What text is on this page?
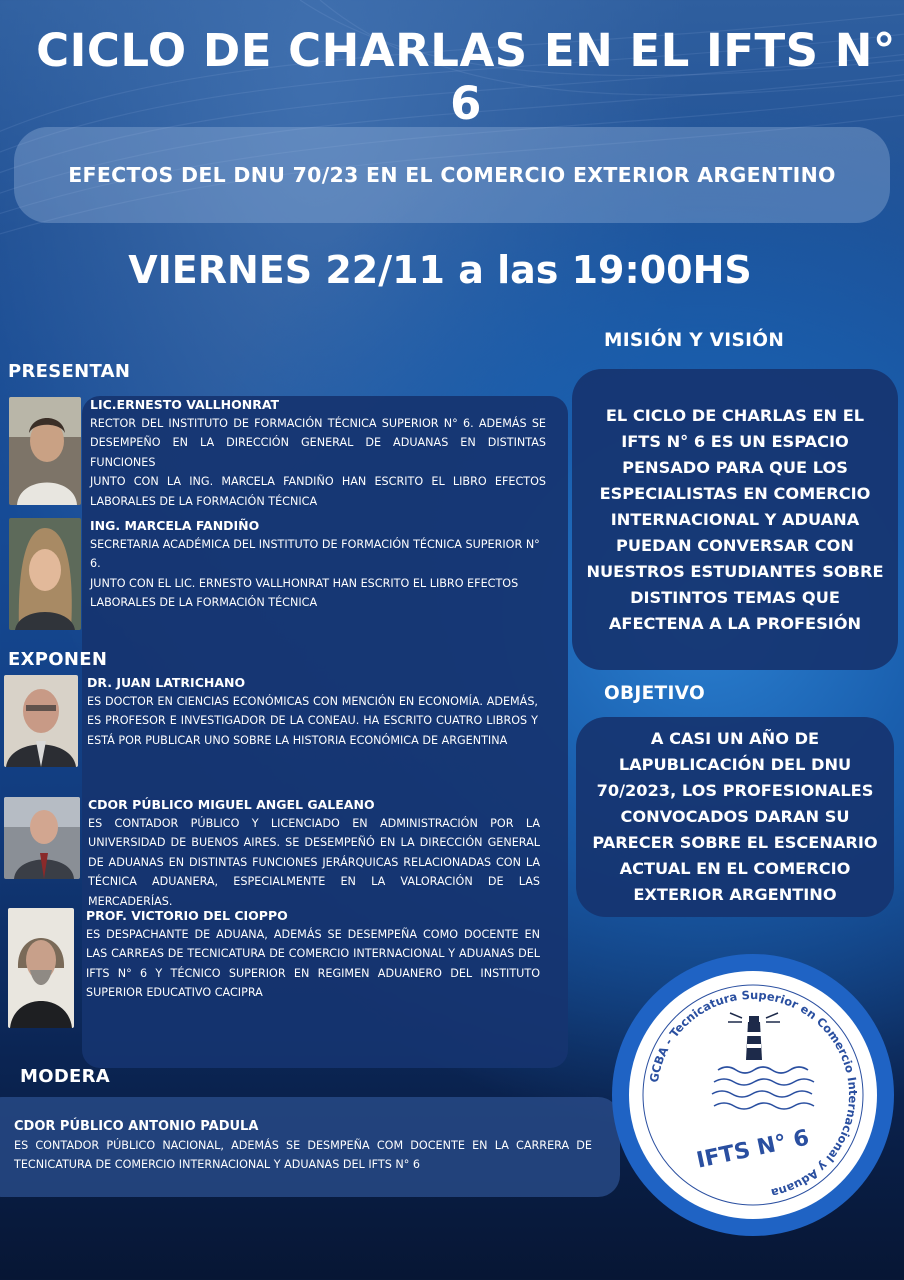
CICLO DE CHARLAS EN EL IFTS N° 6
EFECTOS DEL DNU 70/23 EN EL COMERCIO EXTERIOR ARGENTINO
VIERNES 22/11 a las 19:00HS
PRESENTAN
LIC.ERNESTO VALLHONRAT
RECTOR DEL INSTITUTO DE FORMACIÓN TÉCNICA SUPERIOR N° 6. ADEMÁS SE DESEMPEÑO EN LA DIRECCIÓN GENERAL DE ADUANAS EN DISTINTAS FUNCIONES
JUNTO CON LA ING. MARCELA FANDIÑO HAN ESCRITO EL LIBRO EFECTOS LABORALES DE LA FORMACIÓN TÉCNICA
ING. MARCELA FANDIÑO
SECRETARIA ACADÉMICA DEL INSTITUTO DE FORMACIÓN TÉCNICA SUPERIOR N° 6.
JUNTO CON EL LIC. ERNESTO VALLHONRAT HAN ESCRITO EL LIBRO EFECTOS LABORALES DE LA FORMACIÓN TÉCNICA
EXPONEN
DR. JUAN LATRICHANO
ES DOCTOR EN CIENCIAS ECONÓMICAS CON MENCIÓN EN ECONOMÍA. ADEMÁS, ES PROFESOR E INVESTIGADOR DE LA CONEAU. HA ESCRITO CUATRO LIBROS Y ESTÁ POR PUBLICAR UNO SOBRE LA HISTORIA ECONÓMICA DE ARGENTINA
CDOR PÚBLICO MIGUEL ANGEL GALEANO
ES CONTADOR PÚBLICO Y LICENCIADO EN ADMINISTRACIÓN POR LA UNIVERSIDAD DE BUENOS AIRES. SE DESEMPEÑÓ EN LA DIRECCIÓN GENERAL DE ADUANAS EN DISTINTAS FUNCIONES JERÁRQUICAS RELACIONADAS CON LA TÉCNICA ADUANERA, ESPECIALMENTE EN LA VALORACIÓN DE LAS MERCADERÍAS.
PROF. VICTORIO DEL CIOPPO
ES DESPACHANTE DE ADUANA, ADEMÁS SE DESEMPEÑA COMO DOCENTE EN LAS CARREAS DE TECNICATURA DE COMERCIO INTERNACIONAL Y ADUANAS DEL IFTS N° 6 Y TÉCNICO SUPERIOR EN REGIMEN ADUANERO DEL INSTITUTO SUPERIOR EDUCATIVO CACIPRA
MODERA
CDOR PÚBLICO ANTONIO PADULA
ES CONTADOR PÚBLICO NACIONAL, ADEMÁS SE DESMPEÑA COM DOCENTE EN LA CARRERA DE TECNICATURA DE COMERCIO INTERNACIONAL Y ADUANAS DEL IFTS N° 6
MISIÓN Y VISIÓN
EL CICLO DE CHARLAS EN EL IFTS N° 6 ES UN ESPACIO PENSADO PARA QUE LOS ESPECIALISTAS EN COMERCIO INTERNACIONAL Y ADUANA PUEDAN CONVERSAR CON NUESTROS ESTUDIANTES SOBRE DISTINTOS TEMAS QUE AFECTENA A LA PROFESIÓN
OBJETIVO
A CASI UN AÑO DE LAPUBLICACIÓN DEL DNU 70/2023, LOS PROFESIONALES CONVOCADOS DARAN SU PARECER SOBRE EL ESCENARIO ACTUAL EN EL COMERCIO EXTERIOR ARGENTINO
GCBA - Tecnicatura Superior en Comercio Internacional y Aduana
IFTS N° 6
